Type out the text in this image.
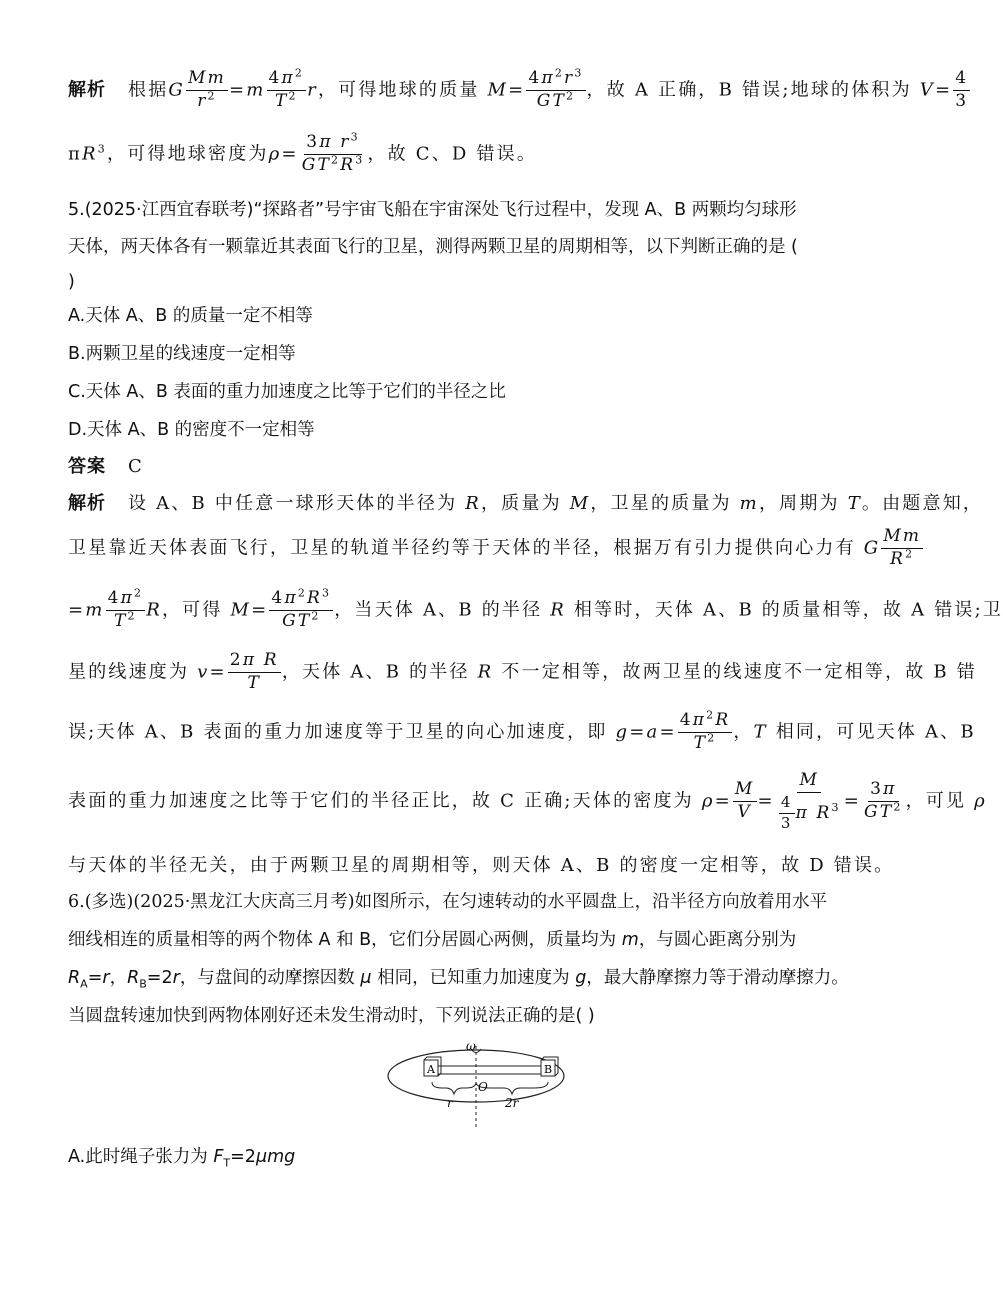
解析 根据G $\frac{Mm}{r^2} =m \frac{4\pi^2}{T^2}$ r，可得地球的质量 $M= \frac{4\pi^2r^3}{GT^2}$ ，故 A 正确，B 错误;地球的体积为 $V= \frac{4}{3}$
$\pi R^3$，可得地球密度为$\rho= \frac{3\pi r^3}{GT^2R^3}$ ，故 C、D 错误。
5.(2025·江西宜春联考)“探路者”号宇宙飞船在宇宙深处飞行过程中，发现 A、B 两颗均匀球形
天体，两天体各有一颗靠近其表面飞行的卫星，测得两颗卫星的周期相等，以下判断正确的是 (
)
A.天体 A、B 的质量一定不相等
B.两颗卫星的线速度一定相等
C.天体 A、B 表面的重力加速度之比等于它们的半径之比
D.天体 A、B 的密度不一定相等
答案 C
解析 设 A、B 中任意一球形天体的半径为 R，质量为 M，卫星的质量为 m，周期为 T。由题意知，
卫星靠近天体表面飞行，卫星的轨道半径约等于天体的半径，根据万有引力提供向心力有 G $\frac{Mm}{R^2}$
$=m \frac{4\pi^2}{T^2}$ R，可得 $M= \frac{4\pi^2R^3}{GT^2}$ ，当天体 A、B 的半径 R 相等时，天体 A、B 的质量相等，故 A 错误;卫
星的线速度为 $v= \frac{\text{2π R}}{T}$ ，天体 A、B 的半径 R 不一定相等，故两卫星的线速度不一定相等，故 B 错
误;天体 A、B 表面的重力加速度等于卫星的向心加速度，即 $g=a= \frac{4\pi^2R}{T^2}$ ，T 相同，可见天体 A、B
表面的重力加速度之比等于它们的半径正比，故 C 正确;天体的密度为 $\rho= \frac{M}{V} = \frac{M}{\frac{4}{3} \pi R^3} = \frac{3\pi}{GT^2}$ ，可见 ρ
与天体的半径无关，由于两颗卫星的周期相等，则天体 A、B 的密度一定相等，故 D 错误。
6.(多选)(2025·黑龙江大庆高三月考)如图所示，在匀速转动的水平圆盘上，沿半径方向放着用水平
细线相连的质量相等的两个物体 A 和 B，它们分居圆心两侧，质量均为 m，与圆心距离分别为
$R_A=r$，$R_B=2r$，与盘间的动摩擦因数 μ 相同，已知重力加速度为 g，最大静摩擦力等于滑动摩擦力。
当圆盘转速加快到两物体刚好还未发生滑动时，下列说法正确的是( )
ω
A	B
O
r	2r
A.此时绳子张力为 $F_T=2\mu mg$
